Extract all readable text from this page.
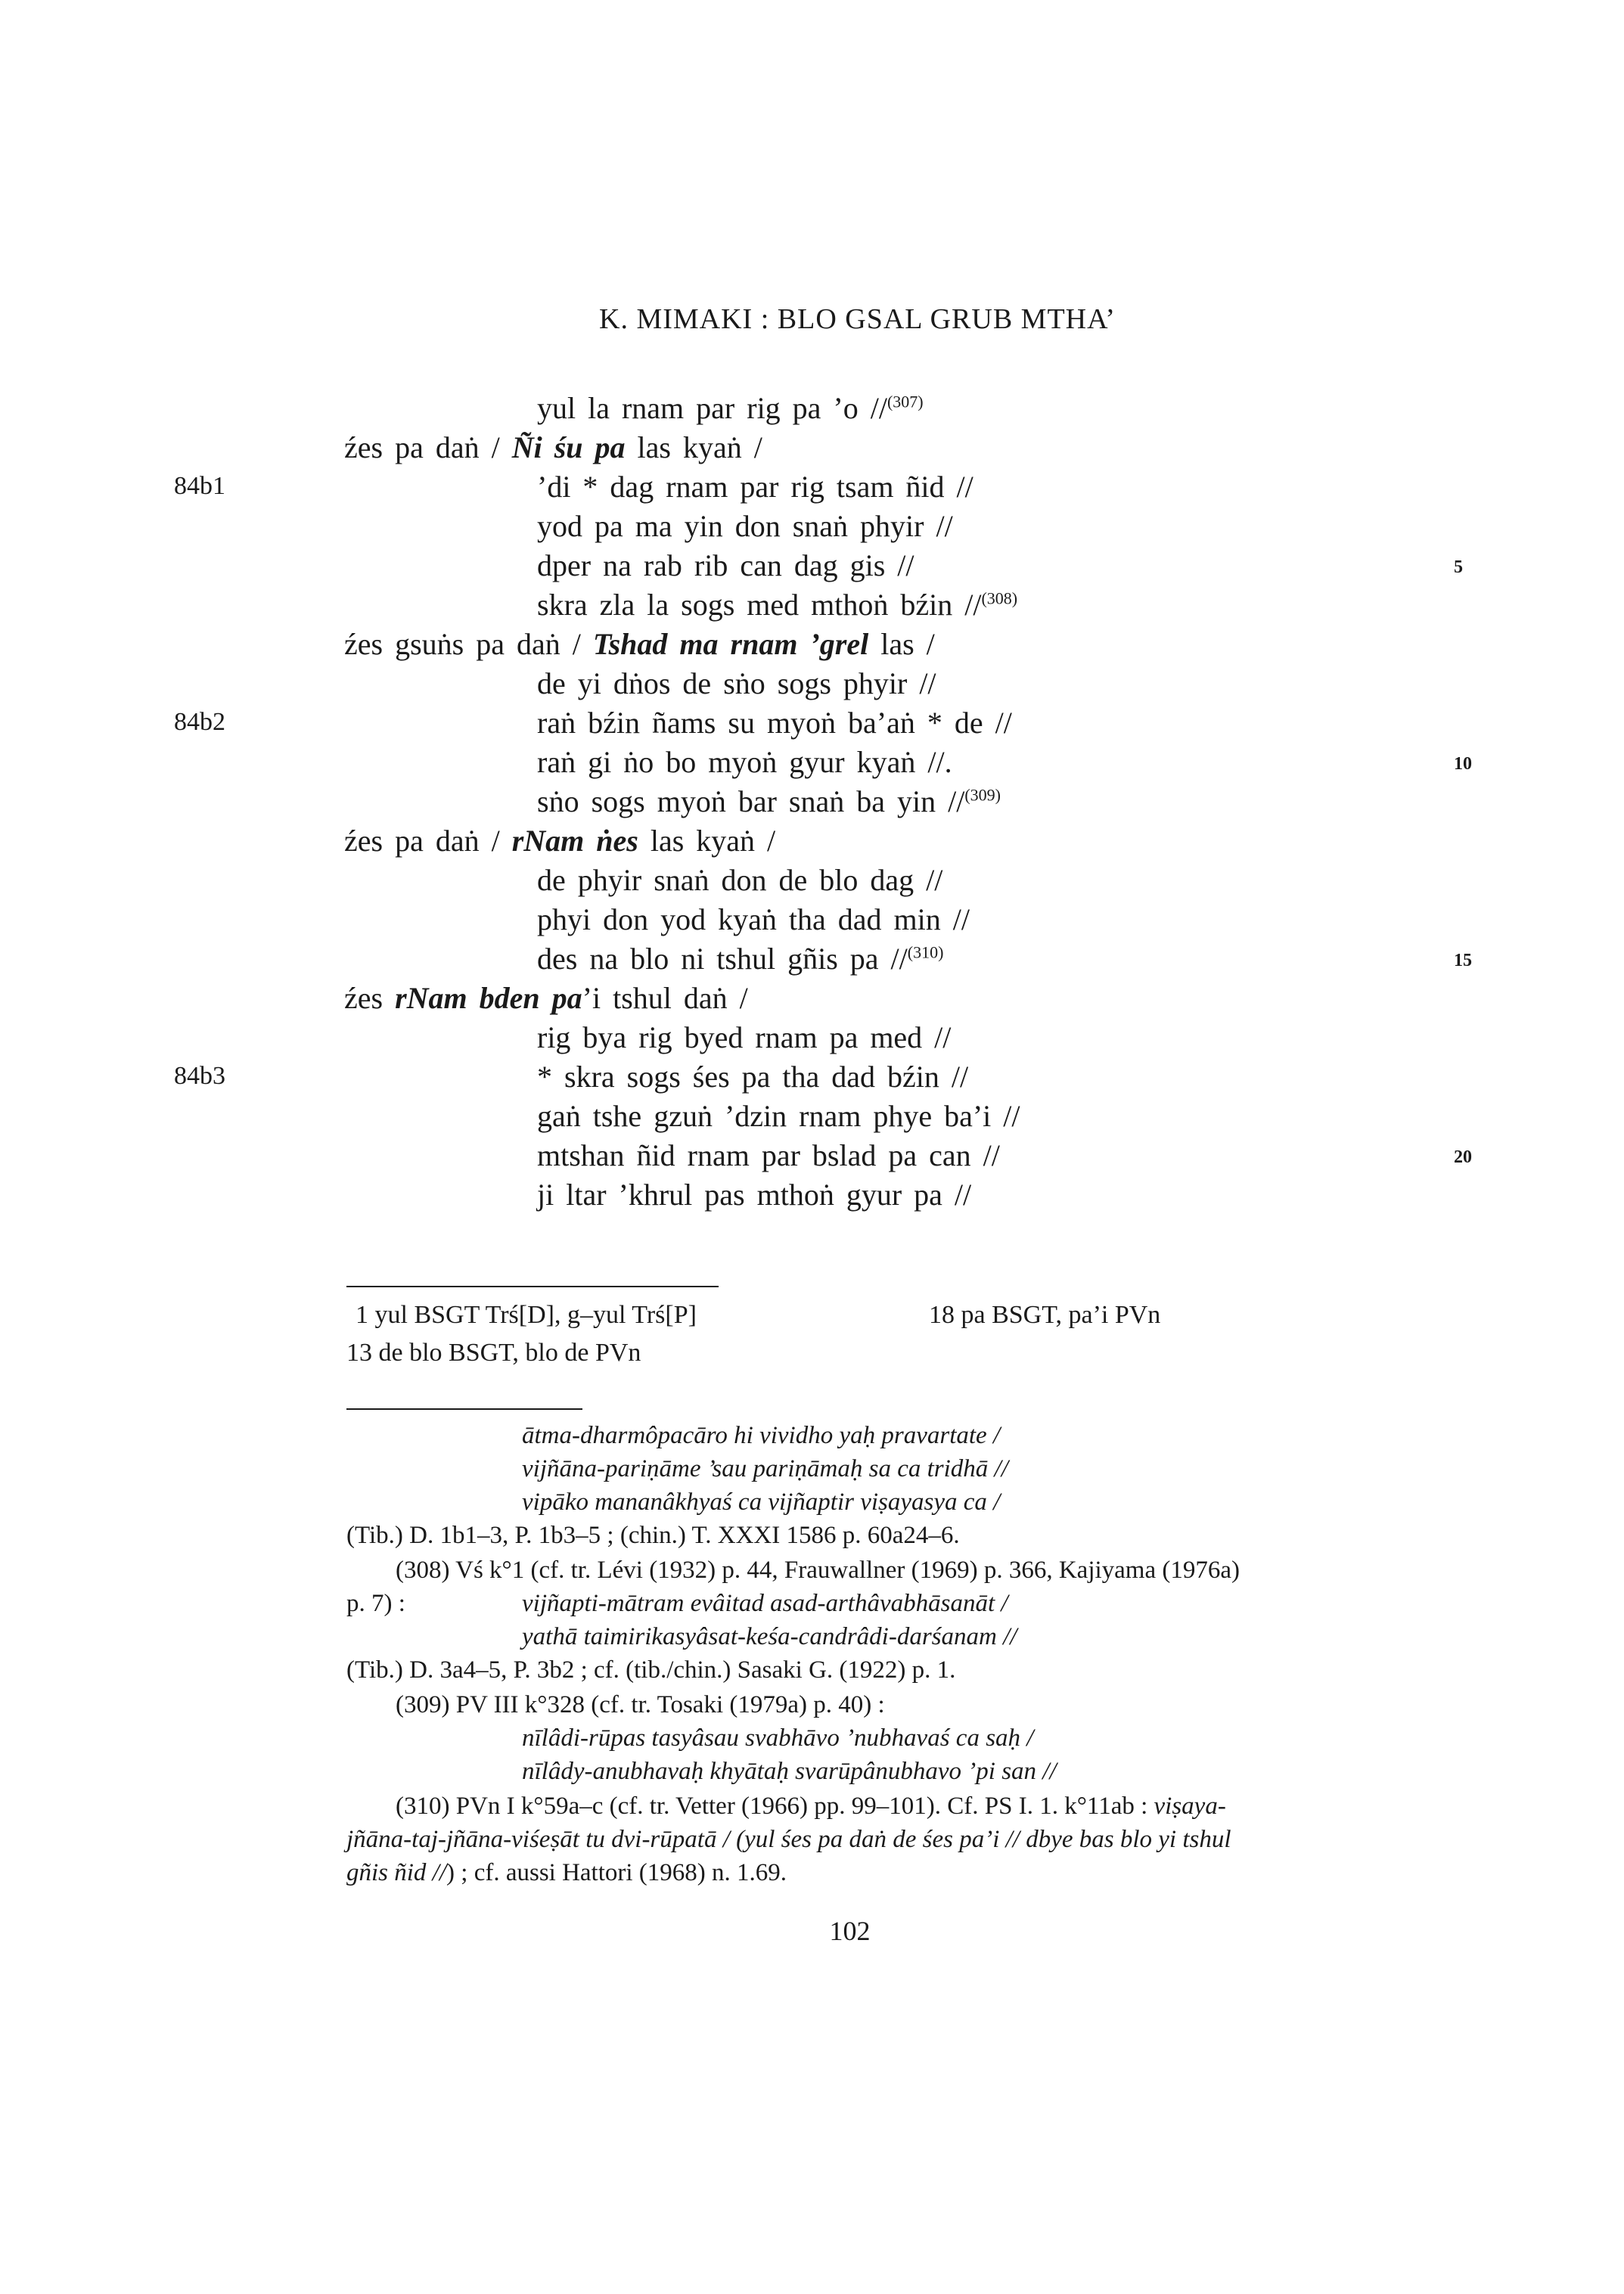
K. MIMAKI : BLO GSAL GRUB MTHA’
yul la rnam par rig pa ’o //$^{(307)}$
źes pa daṅ / Ñi śu pa las kyaṅ /
’di * dag rnam par rig tsam ñid //
yod pa ma yin don snaṅ phyir //
dper na rab rib can dag gis //
skra zla la sogs med mthoṅ bźin //$^{(308)}$
źes gsuṅs pa daṅ / Tshad ma rnam ’grel las /
de yi dṅos de sṅo sogs phyir //
raṅ bźin ñams su myoṅ ba’aṅ * de //
raṅ gi ṅo bo myoṅ gyur kyaṅ //.
sṅo sogs myoṅ bar snaṅ ba yin //$^{(309)}$
źes pa daṅ / rNam ṅes las kyaṅ /
de phyir snaṅ don de blo dag //
phyi don yod kyaṅ tha dad min //
des na blo ni tshul gñis pa //$^{(310)}$
źes rNam bden pa’i tshul daṅ /
rig bya rig byed rnam pa med //
* skra sogs śes pa tha dad bźin //
gaṅ tshe gzuṅ ’dzin rnam phye ba’i //
mtshan ñid rnam par bslad pa can //
ji ltar ’khrul pas mthoṅ gyur pa //
84b1
84b2
84b3
5
10
15
20
1 yul BSGT Trś[D], g–yul Trś[P]
13 de blo BSGT, blo de PVn
18 pa BSGT, pa’i PVn
ātma-dharmôpacāro hi vividho yaḥ pravartate /
vijñāna-pariṇāme ’sau pariṇāmaḥ sa ca tridhā //
vipāko mananâkhyaś ca vijñaptir viṣayasya ca /
(Tib.) D. 1b1–3, P. 1b3–5 ; (chin.) T. XXXI 1586 p. 60a24–6.
(308) Vś k°1 (cf. tr. Lévi (1932) p. 44, Frauwallner (1969) p. 366, Kajiyama (1976a)
p. 7) :	vijñapti-mātram evâitad asad-arthâvabhāsanāt /
yathā taimirikasyâsat-keśa-candrâdi-darśanam //
(Tib.) D. 3a4–5, P. 3b2 ; cf. (tib./chin.) Sasaki G. (1922) p. 1.
(309) PV III k°328 (cf. tr. Tosaki (1979a) p. 40) :
nīlâdi-rūpas tasyâsau svabhāvo ’nubhavaś ca saḥ /
nīlâdy-anubhavaḥ khyātaḥ svarūpânubhavo ’pi san //
(310) PVn I k°59a–c (cf. tr. Vetter (1966) pp. 99–101). Cf. PS I. 1. k°11ab : viṣaya-
jñāna-taj-jñāna-viśeṣāt tu dvi-rūpatā / (yul śes pa daṅ de śes pa’i // dbye bas blo yi tshul
gñis ñid //) ; cf. aussi Hattori (1968) n. 1.69.
102
